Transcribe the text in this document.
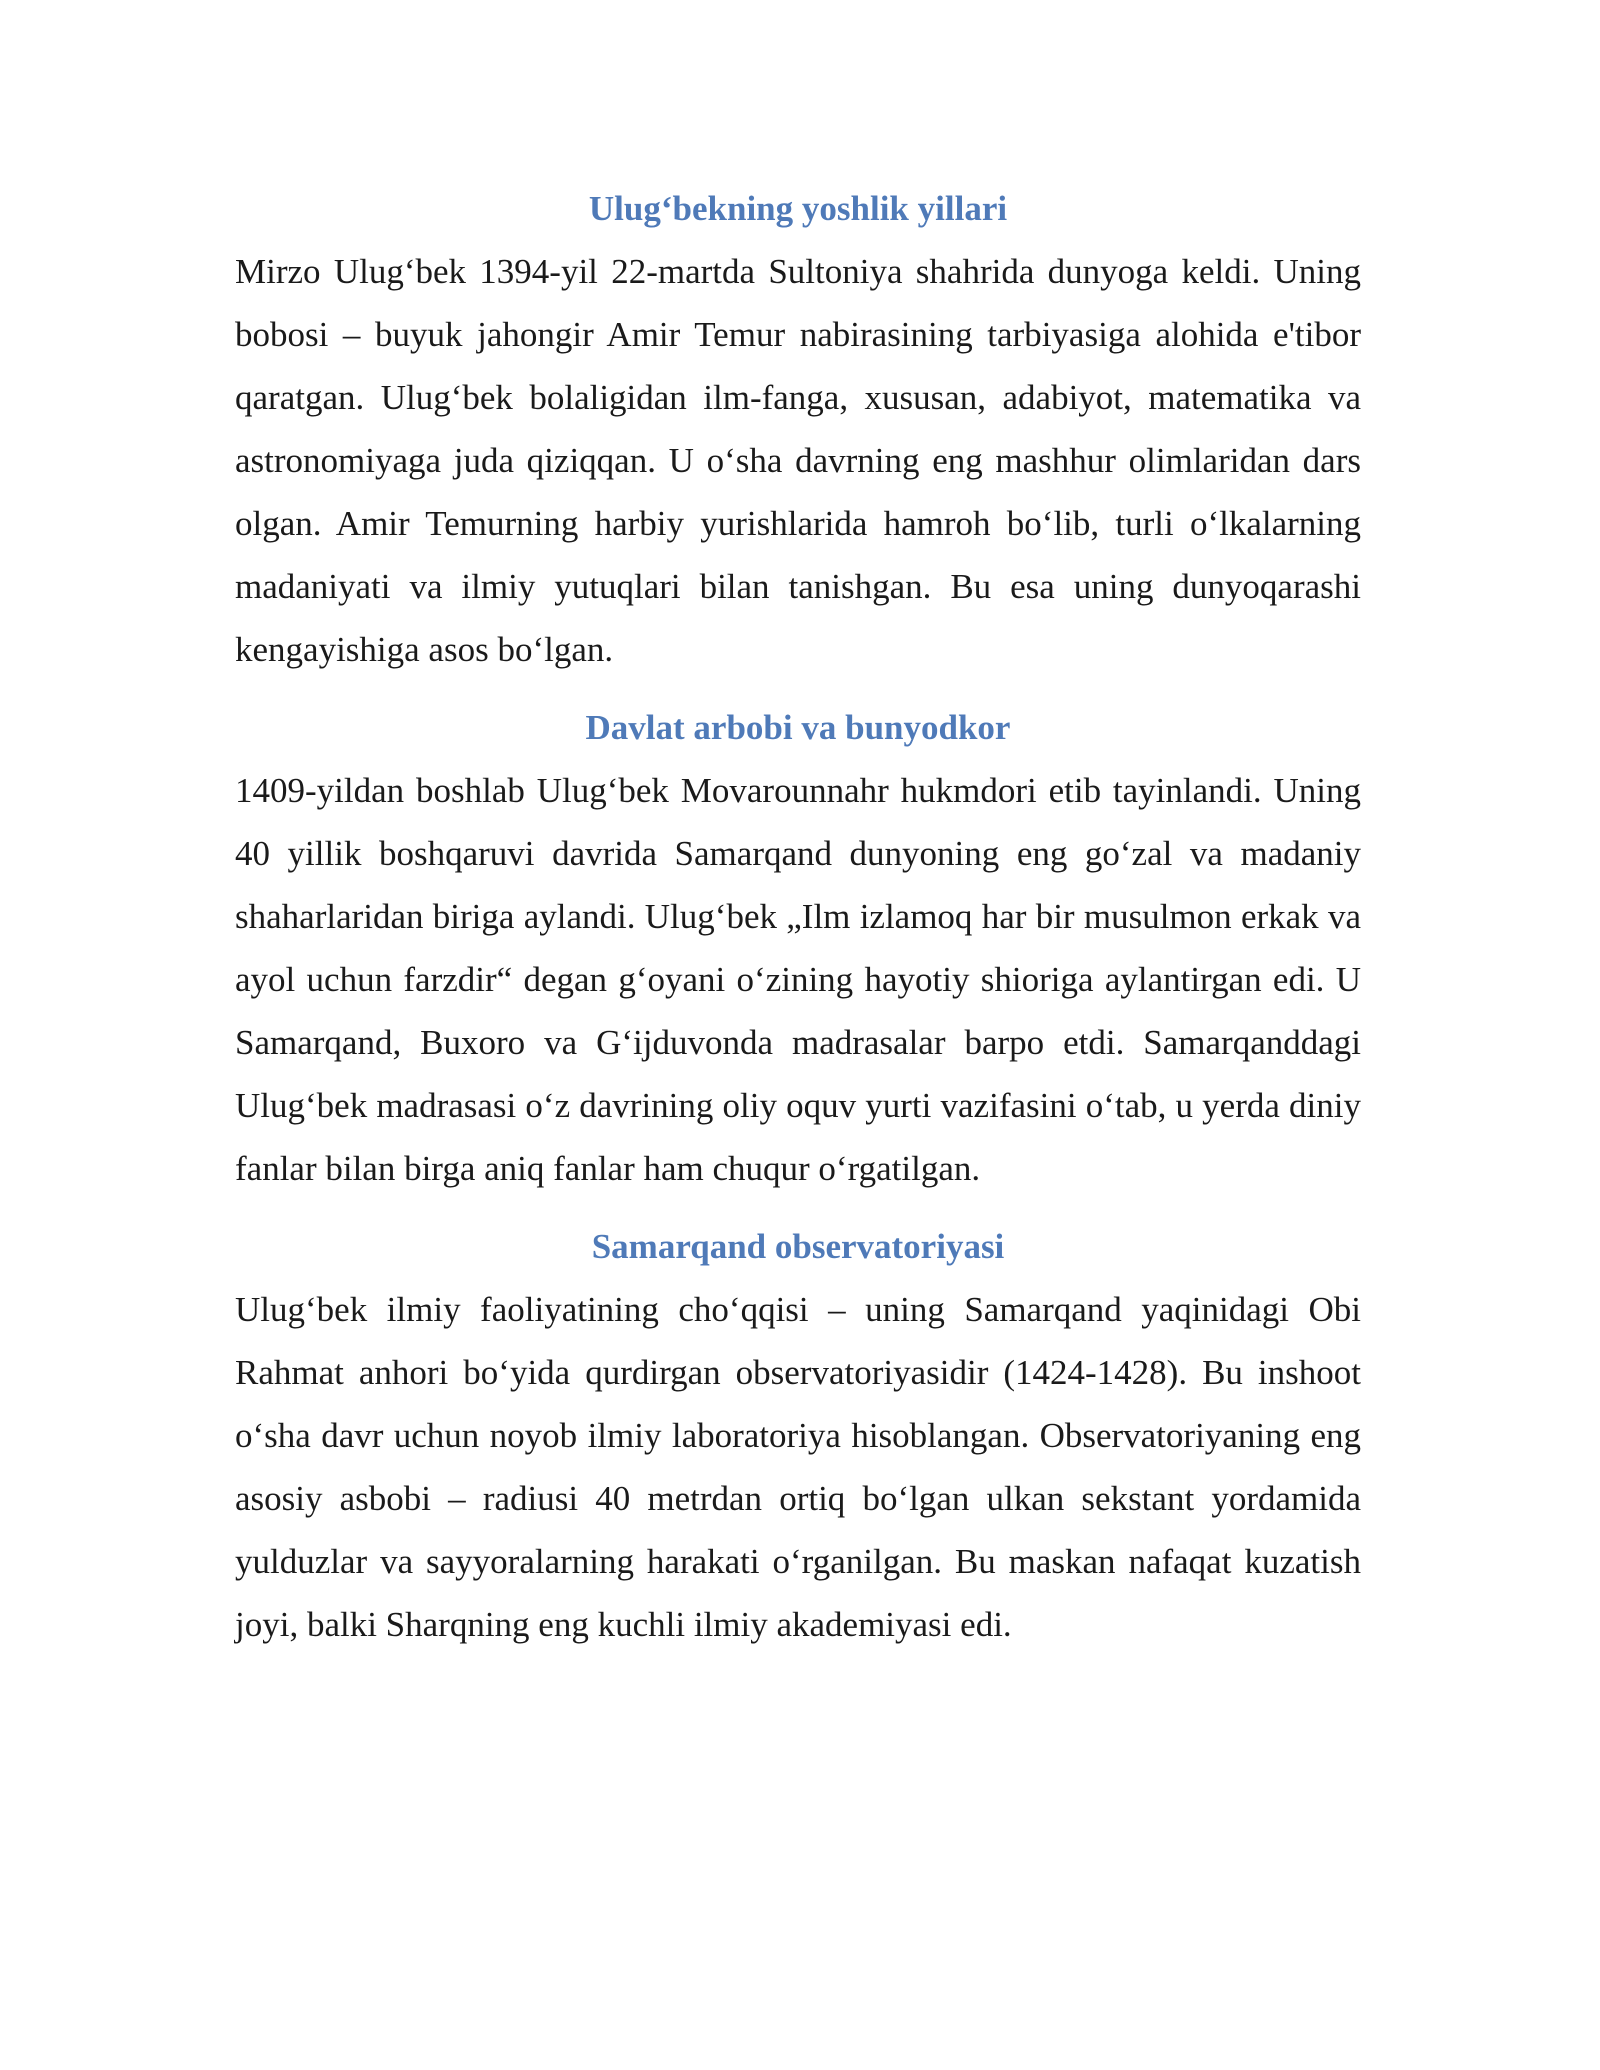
Ulug‘bekning yoshlik yillari

Mirzo Ulug‘bek 1394-yil 22-martda Sultoniya shahrida dunyoga keldi. Uning bobosi – buyuk jahongir Amir Temur nabirasining tarbiyasiga alohida e'tibor qaratgan. Ulug‘bek bolaligidan ilm-fanga, xususan, adabiyot, matematika va astronomiyaga juda qiziqqan. U o‘sha davrning eng mashhur olimlaridan dars olgan. Amir Temurning harbiy yurishlarida hamroh bo‘lib, turli o‘lkalarning madaniyati va ilmiy yutuqlari bilan tanishgan. Bu esa uning dunyoqarashi kengayishiga asos bo‘lgan.

Davlat arbobi va bunyodkor

1409-yildan boshlab Ulug‘bek Movarounnahr hukmdori etib tayinlandi. Uning 40 yillik boshqaruvi davrida Samarqand dunyoning eng go‘zal va madaniy shaharlaridan biriga aylandi. Ulug‘bek „Ilm izlamoq har bir musulmon erkak va ayol uchun farzdir“ degan g‘oyani o‘zining hayotiy shioriga aylantirgan edi. U Samarqand, Buxoro va G‘ijduvonda madrasalar barpo etdi. Samarqanddagi Ulug‘bek madrasasi o‘z davrining oliy oquv yurti vazifasini o‘tab, u yerda diniy fanlar bilan birga aniq fanlar ham chuqur o‘rgatilgan.

Samarqand observatoriyasi

Ulug‘bek ilmiy faoliyatining cho‘qqisi – uning Samarqand yaqinidagi Obi Rahmat anhori bo‘yida qurdirgan observatoriyasidir (1424-1428). Bu inshoot o‘sha davr uchun noyob ilmiy laboratoriya hisoblangan. Observatoriyaning eng asosiy asbobi – radiusi 40 metrdan ortiq bo‘lgan ulkan sekstant yordamida yulduzlar va sayyoralarning harakati o‘rganilgan. Bu maskan nafaqat kuzatish joyi, balki Sharqning eng kuchli ilmiy akademiyasi edi.
